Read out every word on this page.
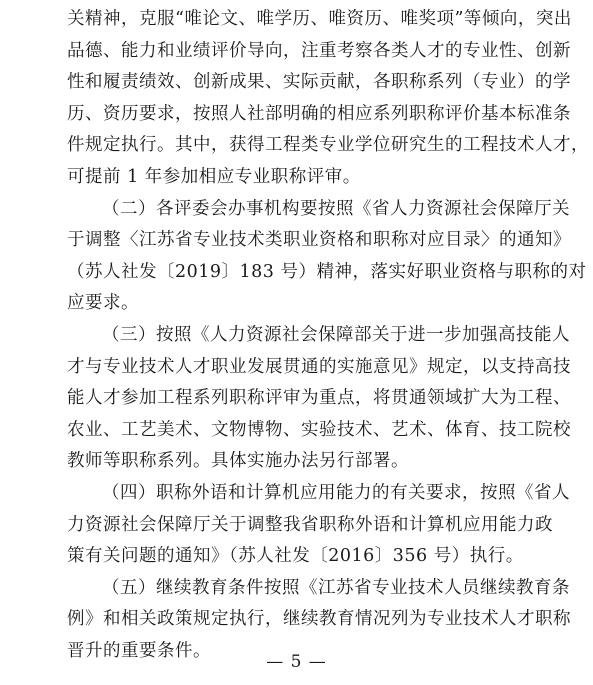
关精神，克服“唯论文、唯学历、唯资历、唯奖项”等倾向，突出
品德、能力和业绩评价导向，注重考察各类人才的专业性、创新
性和履责绩效、创新成果、实际贡献，各职称系列（专业）的学
历、资历要求，按照人社部明确的相应系列职称评价基本标准条
件规定执行。其中，获得工程类专业学位研究生的工程技术人才，
可提前 1 年参加相应专业职称评审。
（二）各评委会办事机构要按照《省人力资源社会保障厅关
于调整〈江苏省专业技术类职业资格和职称对应目录〉的通知》
（苏人社发〔2019〕183 号）精神，落实好职业资格与职称的对
应要求。
（三）按照《人力资源社会保障部关于进一步加强高技能人
才与专业技术人才职业发展贯通的实施意见》规定，以支持高技
能人才参加工程系列职称评审为重点，将贯通领域扩大为工程、
农业、工艺美术、文物博物、实验技术、艺术、体育、技工院校
教师等职称系列。具体实施办法另行部署。
（四）职称外语和计算机应用能力的有关要求，按照《省人
力资源社会保障厅关于调整我省职称外语和计算机应用能力政
策有关问题的通知》（苏人社发〔2016〕356 号）执行。
（五）继续教育条件按照《江苏省专业技术人员继续教育条
例》和相关政策规定执行，继续教育情况列为专业技术人才职称
晋升的重要条件。
— 5 —
